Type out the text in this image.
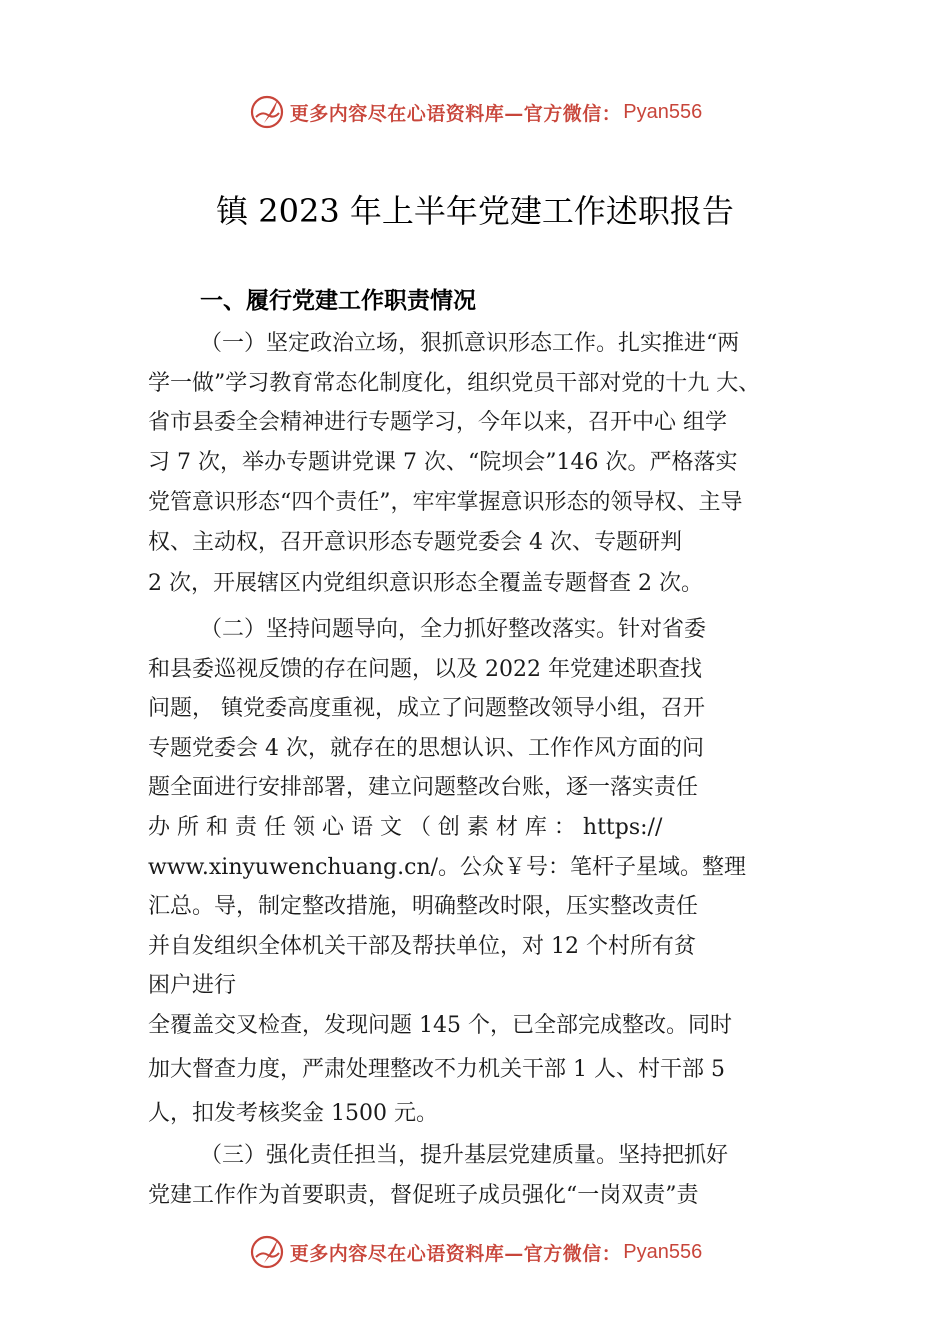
更多内容尽在心语资料库—官方微信： Pyan556
镇 2023 年上半年党建工作述职报告
一、履行党建工作职责情况
（一）坚定政治立场，狠抓意识形态工作。扎实推进“两
学一做”学习教育常态化制度化，组织党员干部对党的十九 大、
省市县委全会精神进行专题学习，今年以来，召开中心 组学
习 7 次，举办专题讲党课 7 次、“院坝会”146 次。严格落实
党管意识形态“四个责任”，牢牢掌握意识形态的领导权、主导
权、主动权，召开意识形态专题党委会 4 次、专题研判
2 次，开展辖区内党组织意识形态全覆盖专题督查 2 次。
（二）坚持问题导向，全力抓好整改落实。针对省委
和县委巡视反馈的存在问题，以及 2022 年党建述职查找
问题， 镇党委高度重视，成立了问题整改领导小组，召开
专题党委会 4 次，就存在的思想认识、工作作风方面的问
题全面进行安排部署，建立问题整改台账，逐一落实责任
办 所 和 责 任 领 心 语 文 （ 创 素 材 库 ： https://
www.xinyuwenchuang.cn/。公众￥号：笔杆子星域。整理
汇总。导，制定整改措施，明确整改时限，压实整改责任
并自发组织全体机关干部及帮扶单位，对 12 个村所有贫
困户进行
全覆盖交叉检查，发现问题 145 个，已全部完成整改。同时
加大督查力度，严肃处理整改不力机关干部 1 人、村干部 5
人，扣发考核奖金 1500 元。
（三）强化责任担当，提升基层党建质量。坚持把抓好
党建工作作为首要职责，督促班子成员强化“一岗双责”责
更多内容尽在心语资料库—官方微信： Pyan556
